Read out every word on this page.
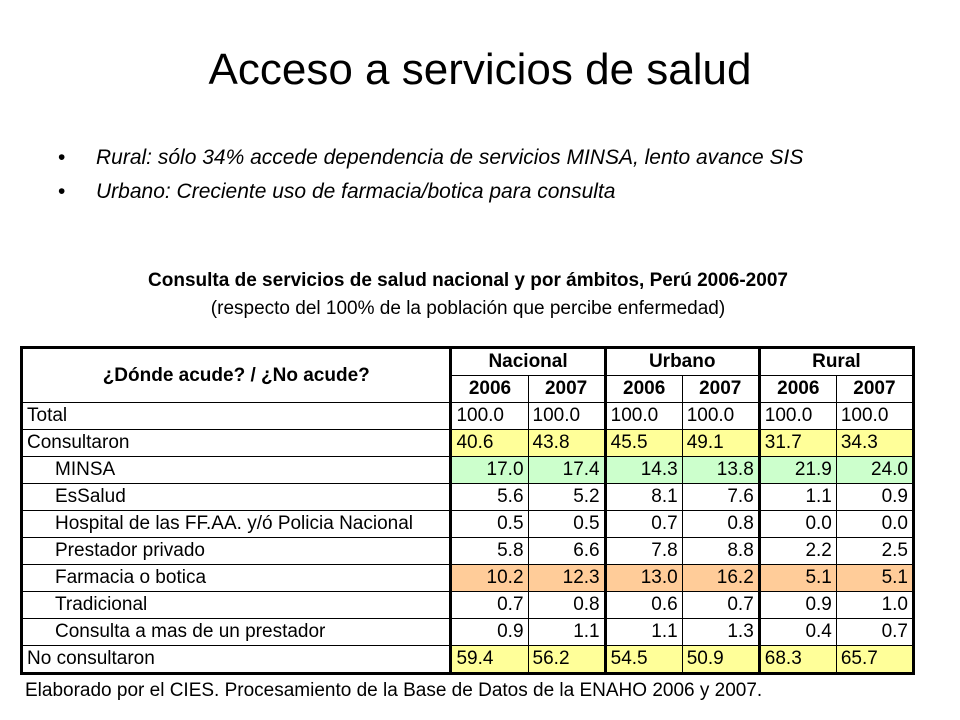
Acceso a servicios de salud
• Rural: sólo 34% accede dependencia de servicios MINSA, lento avance SIS
• Urbano: Creciente uso de farmacia/botica para consulta
Consulta de servicios de salud nacional y por ámbitos, Perú 2006-2007
(respecto del 100% de la población que percibe enfermedad)
¿Dónde acude? / ¿No acude?	Nacional		Urbano		Rural	
	2006	2007	2006	2007	2006	2007
Total	100.0	100.0	100.0	100.0	100.0	100.0
Consultaron	40.6	43.8	45.5	49.1	31.7	34.3
MINSA	17.0	17.4	14.3	13.8	21.9	24.0
EsSalud	5.6	5.2	8.1	7.6	1.1	0.9
Hospital de las FF.AA. y/ó Policia Nacional	0.5	0.5	0.7	0.8	0.0	0.0
Prestador privado	5.8	6.6	7.8	8.8	2.2	2.5
Farmacia o botica	10.2	12.3	13.0	16.2	5.1	5.1
Tradicional	0.7	0.8	0.6	0.7	0.9	1.0
Consulta a mas de un prestador	0.9	1.1	1.1	1.3	0.4	0.7
No consultaron	59.4	56.2	54.5	50.9	68.3	65.7
Elaborado por el CIES. Procesamiento de la Base de Datos de la ENAHO 2006 y 2007.
